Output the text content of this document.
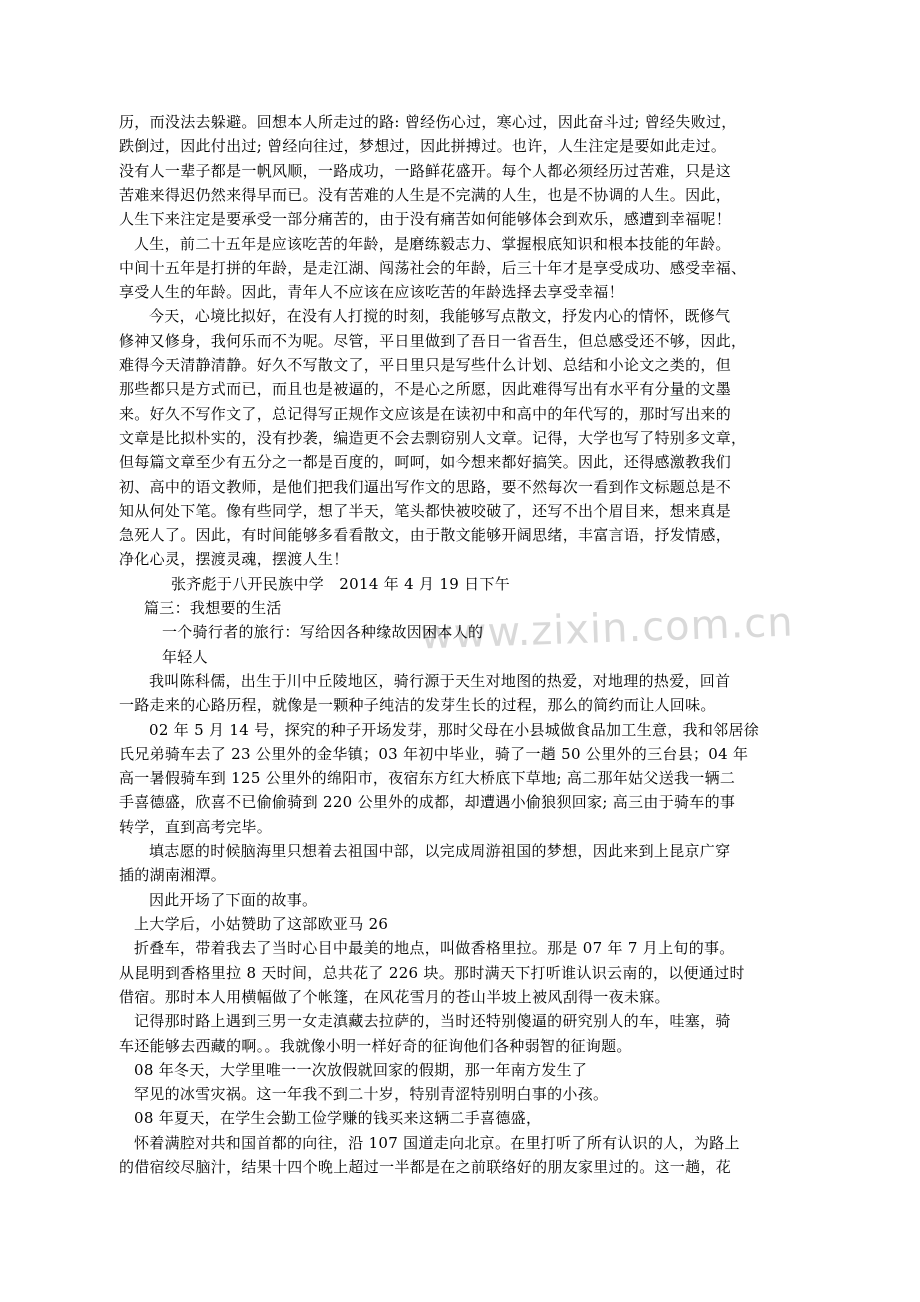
www.zixin.com.cn
历，而没法去躲避。回想本人所走过的路: 曾经伤心过，寒心过，因此奋斗过; 曾经失败过，
跌倒过，因此付出过; 曾经向往过，梦想过，因此拼搏过。也许，人生注定是要如此走过。
没有人一辈子都是一帆风顺，一路成功，一路鲜花盛开。每个人都必须经历过苦难，只是这
苦难来得迟仍然来得早而已。没有苦难的人生是不完满的人生，也是不协调的人生。因此，
人生下来注定是要承受一部分痛苦的，由于没有痛苦如何能够体会到欢乐，感遭到幸福呢！
人生，前二十五年是应该吃苦的年龄，是磨练毅志力、掌握根底知识和根本技能的年龄。
中间十五年是打拼的年龄，是走江湖、闯荡社会的年龄，后三十年才是享受成功、感受幸福、
享受人生的年龄。因此，青年人不应该在应该吃苦的年龄选择去享受幸福！
今天，心境比拟好，在没有人打搅的时刻，我能够写点散文，抒发内心的情怀，既修气
修神又修身，我何乐而不为呢。尽管，平日里做到了吾日一省吾生，但总感受还不够，因此，
难得今天清静清静。好久不写散文了，平日里只是写些什么计划、总结和小论文之类的，但
那些都只是方式而已，而且也是被逼的，不是心之所愿，因此难得写出有水平有分量的文墨
来。好久不写作文了，总记得写正规作文应该是在读初中和高中的年代写的，那时写出来的
文章是比拟朴实的，没有抄袭，编造更不会去剽窃别人文章。记得，大学也写了特别多文章，
但每篇文章至少有五分之一都是百度的，呵呵，如今想来都好搞笑。因此，还得感激教我们
初、高中的语文教师，是他们把我们逼出写作文的思路，要不然每次一看到作文标题总是不
知从何处下笔。像有些同学，想了半天，笔头都快被咬破了，还写不出个眉目来，想来真是
急死人了。因此，有时间能够多看看散文，由于散文能够开阔思绪，丰富言语，抒发情感，
净化心灵，摆渡灵魂，摆渡人生！
张齐彪于八开民族中学　2014 年 4 月 19 日下午
篇三：我想要的生活
一个骑行者的旅行：写给因各种缘故因困本人的
年轻人
我叫陈科儒，出生于川中丘陵地区，骑行源于天生对地图的热爱，对地理的热爱，回首
一路走来的心路历程，就像是一颗种子纯洁的发芽生长的过程，那么的简约而让人回味。
02 年 5 月 14 号，探究的种子开场发芽，那时父母在小县城做食品加工生意，我和邻居徐
氏兄弟骑车去了 23 公里外的金华镇；03 年初中毕业，骑了一趟 50 公里外的三台县；04 年
高一暑假骑车到 125 公里外的绵阳市，夜宿东方红大桥底下草地; 高二那年姑父送我一辆二
手喜德盛，欣喜不已偷偷骑到 220 公里外的成都，却遭遇小偷狼狈回家; 高三由于骑车的事
转学，直到高考完毕。
填志愿的时候脑海里只想着去祖国中部，以完成周游祖国的梦想，因此来到上昆京广穿
插的湖南湘潭。
因此开场了下面的故事。
上大学后，小姑赞助了这部欧亚马 26
折叠车，带着我去了当时心目中最美的地点，叫做香格里拉。那是 07 年 7 月上旬的事。
从昆明到香格里拉 8 天时间，总共花了 226 块。那时满天下打听谁认识云南的，以便通过时
借宿。那时本人用横幅做了个帐篷，在风花雪月的苍山半坡上被风刮得一夜未寐。
记得那时路上遇到三男一女走滇藏去拉萨的，当时还特别傻逼的研究别人的车，哇塞，骑
车还能够去西藏的啊。。我就像小明一样好奇的征询他们各种弱智的征询题。
08 年冬天，大学里唯一一次放假就回家的假期，那一年南方发生了
罕见的冰雪灾祸。这一年我不到二十岁，特别青涩特别明白事的小孩。
08 年夏天，在学生会勤工俭学赚的钱买来这辆二手喜德盛，
怀着满腔对共和国首都的向往，沿 107 国道走向北京。在里打听了所有认识的人，为路上
的借宿绞尽脑汁，结果十四个晚上超过一半都是在之前联络好的朋友家里过的。这一趟，花
